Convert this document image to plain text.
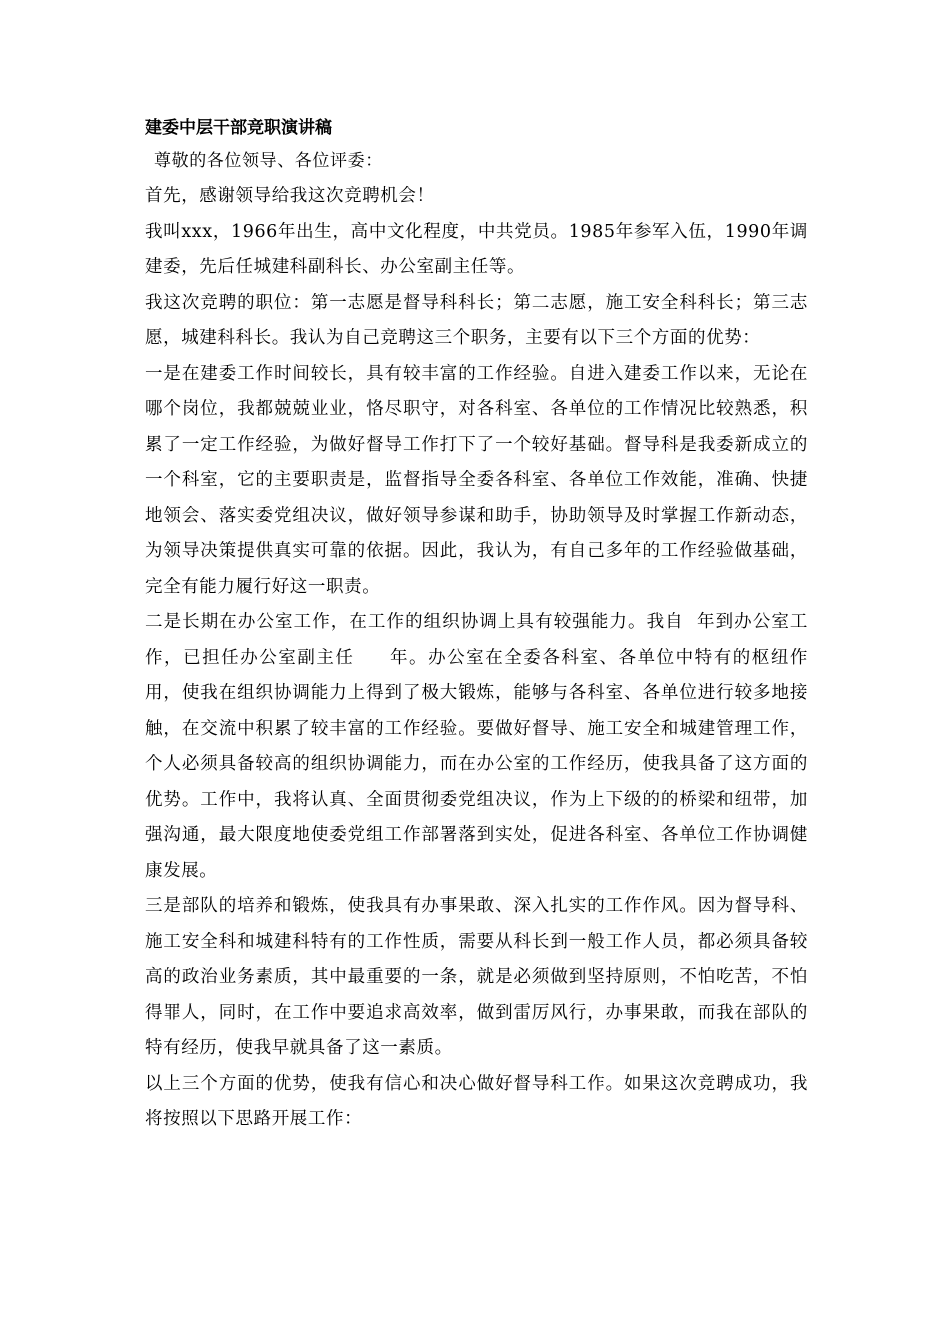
建委中层干部竞职演讲稿
尊敬的各位领导、各位评委：

首先，感谢领导给我这次竞聘机会！

我叫xxx，1966年出生，高中文化程度，中共党员。1985年参军入伍，1990年调建委，先后任城建科副科长、办公室副主任等。

我这次竞聘的职位：第一志愿是督导科科长；第二志愿，施工安全科科长；第三志愿，城建科科长。我认为自己竞聘这三个职务，主要有以下三个方面的优势：

一是在建委工作时间较长，具有较丰富的工作经验。自进入建委工作以来，无论在哪个岗位，我都兢兢业业，恪尽职守，对各科室、各单位的工作情况比较熟悉，积累了一定工作经验，为做好督导工作打下了一个较好基础。督导科是我委新成立的一个科室，它的主要职责是，监督指导全委各科室、各单位工作效能，准确、快捷地领会、落实委党组决议，做好领导参谋和助手，协助领导及时掌握工作新动态，为领导决策提供真实可靠的依据。因此，我认为，有自己多年的工作经验做基础，完全有能力履行好这一职责。

二是长期在办公室工作，在工作的组织协调上具有较强能力。我自  年到办公室工作，已担任办公室副主任     年。办公室在全委各科室、各单位中特有的枢纽作用，使我在组织协调能力上得到了极大锻炼，能够与各科室、各单位进行较多地接触，在交流中积累了较丰富的工作经验。要做好督导、施工安全和城建管理工作，个人必须具备较高的组织协调能力，而在办公室的工作经历，使我具备了这方面的优势。工作中，我将认真、全面贯彻委党组决议，作为上下级的的桥梁和纽带，加强沟通，最大限度地使委党组工作部署落到实处，促进各科室、各单位工作协调健康发展。

三是部队的培养和锻炼，使我具有办事果敢、深入扎实的工作作风。因为督导科、施工安全科和城建科特有的工作性质，需要从科长到一般工作人员，都必须具备较高的政治业务素质，其中最重要的一条，就是必须做到坚持原则，不怕吃苦，不怕得罪人，同时，在工作中要追求高效率，做到雷厉风行，办事果敢，而我在部队的特有经历，使我早就具备了这一素质。

以上三个方面的优势，使我有信心和决心做好督导科工作。如果这次竞聘成功，我将按照以下思路开展工作：
